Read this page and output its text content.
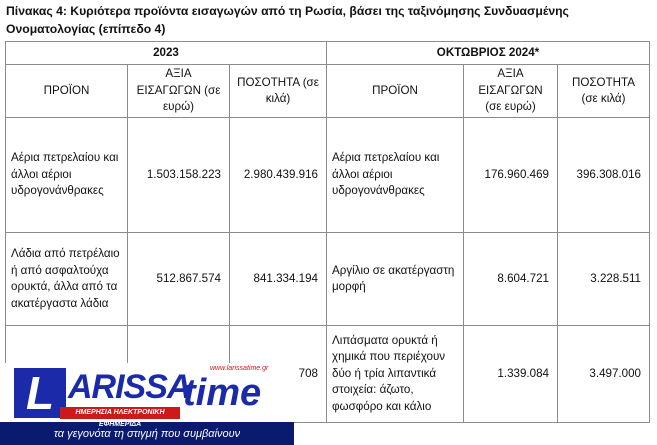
Πίνακας 4: Κυριότερα προϊόντα εισαγωγών από τη Ρωσία, βάσει της ταξινόμησης Συνδυασμένης Ονοματολογίας (επίπεδο 4)
2023			ΟΚΤΩΒΡΙΟΣ 2024*		
ΠΡΟΪΟΝ	ΑΞΙΑ ΕΙΣΑΓΩΓΩΝ (σε ευρώ)	ΠΟΣΟΤΗΤΑ (σε κιλά)	ΠΡΟΪΟΝ	ΑΞΙΑ ΕΙΣΑΓΩΓΩΝ (σε ευρώ)	ΠΟΣΟΤΗΤΑ (σε κιλά)
Αέρια πετρελαίου και άλλοι αέριοι υδρογονάνθρακες	1.503.158.223	2.980.439.916	Αέρια πετρελαίου και άλλοι αέριοι υδρογονάνθρακες	176.960.469	396.308.016
Λάδια από πετρέλαιο ή από ασφαλτούχα ορυκτά, άλλα από τα ακατέργαστα λάδια	512.867.574	841.334.194	Αργίλιο σε ακατέργαστη μορφή	8.604.721	3.228.511
		708	Λιπάσματα ορυκτά ή χημικά που περιέχουν δύο ή τρία λιπαντικά στοιχεία: άζωτο, φωσφόρο και κάλιο	1.339.084	3.497.000
L ARISSA
time
www.larissatime.gr
ΗΜΕΡΗΣΙΑ ΗΛΕΚΤΡΟΝΙΚΗ ΕΦΗΜΕΡΙΔΑ
τα γεγονότα τη στιγμή που συμβαίνουν
